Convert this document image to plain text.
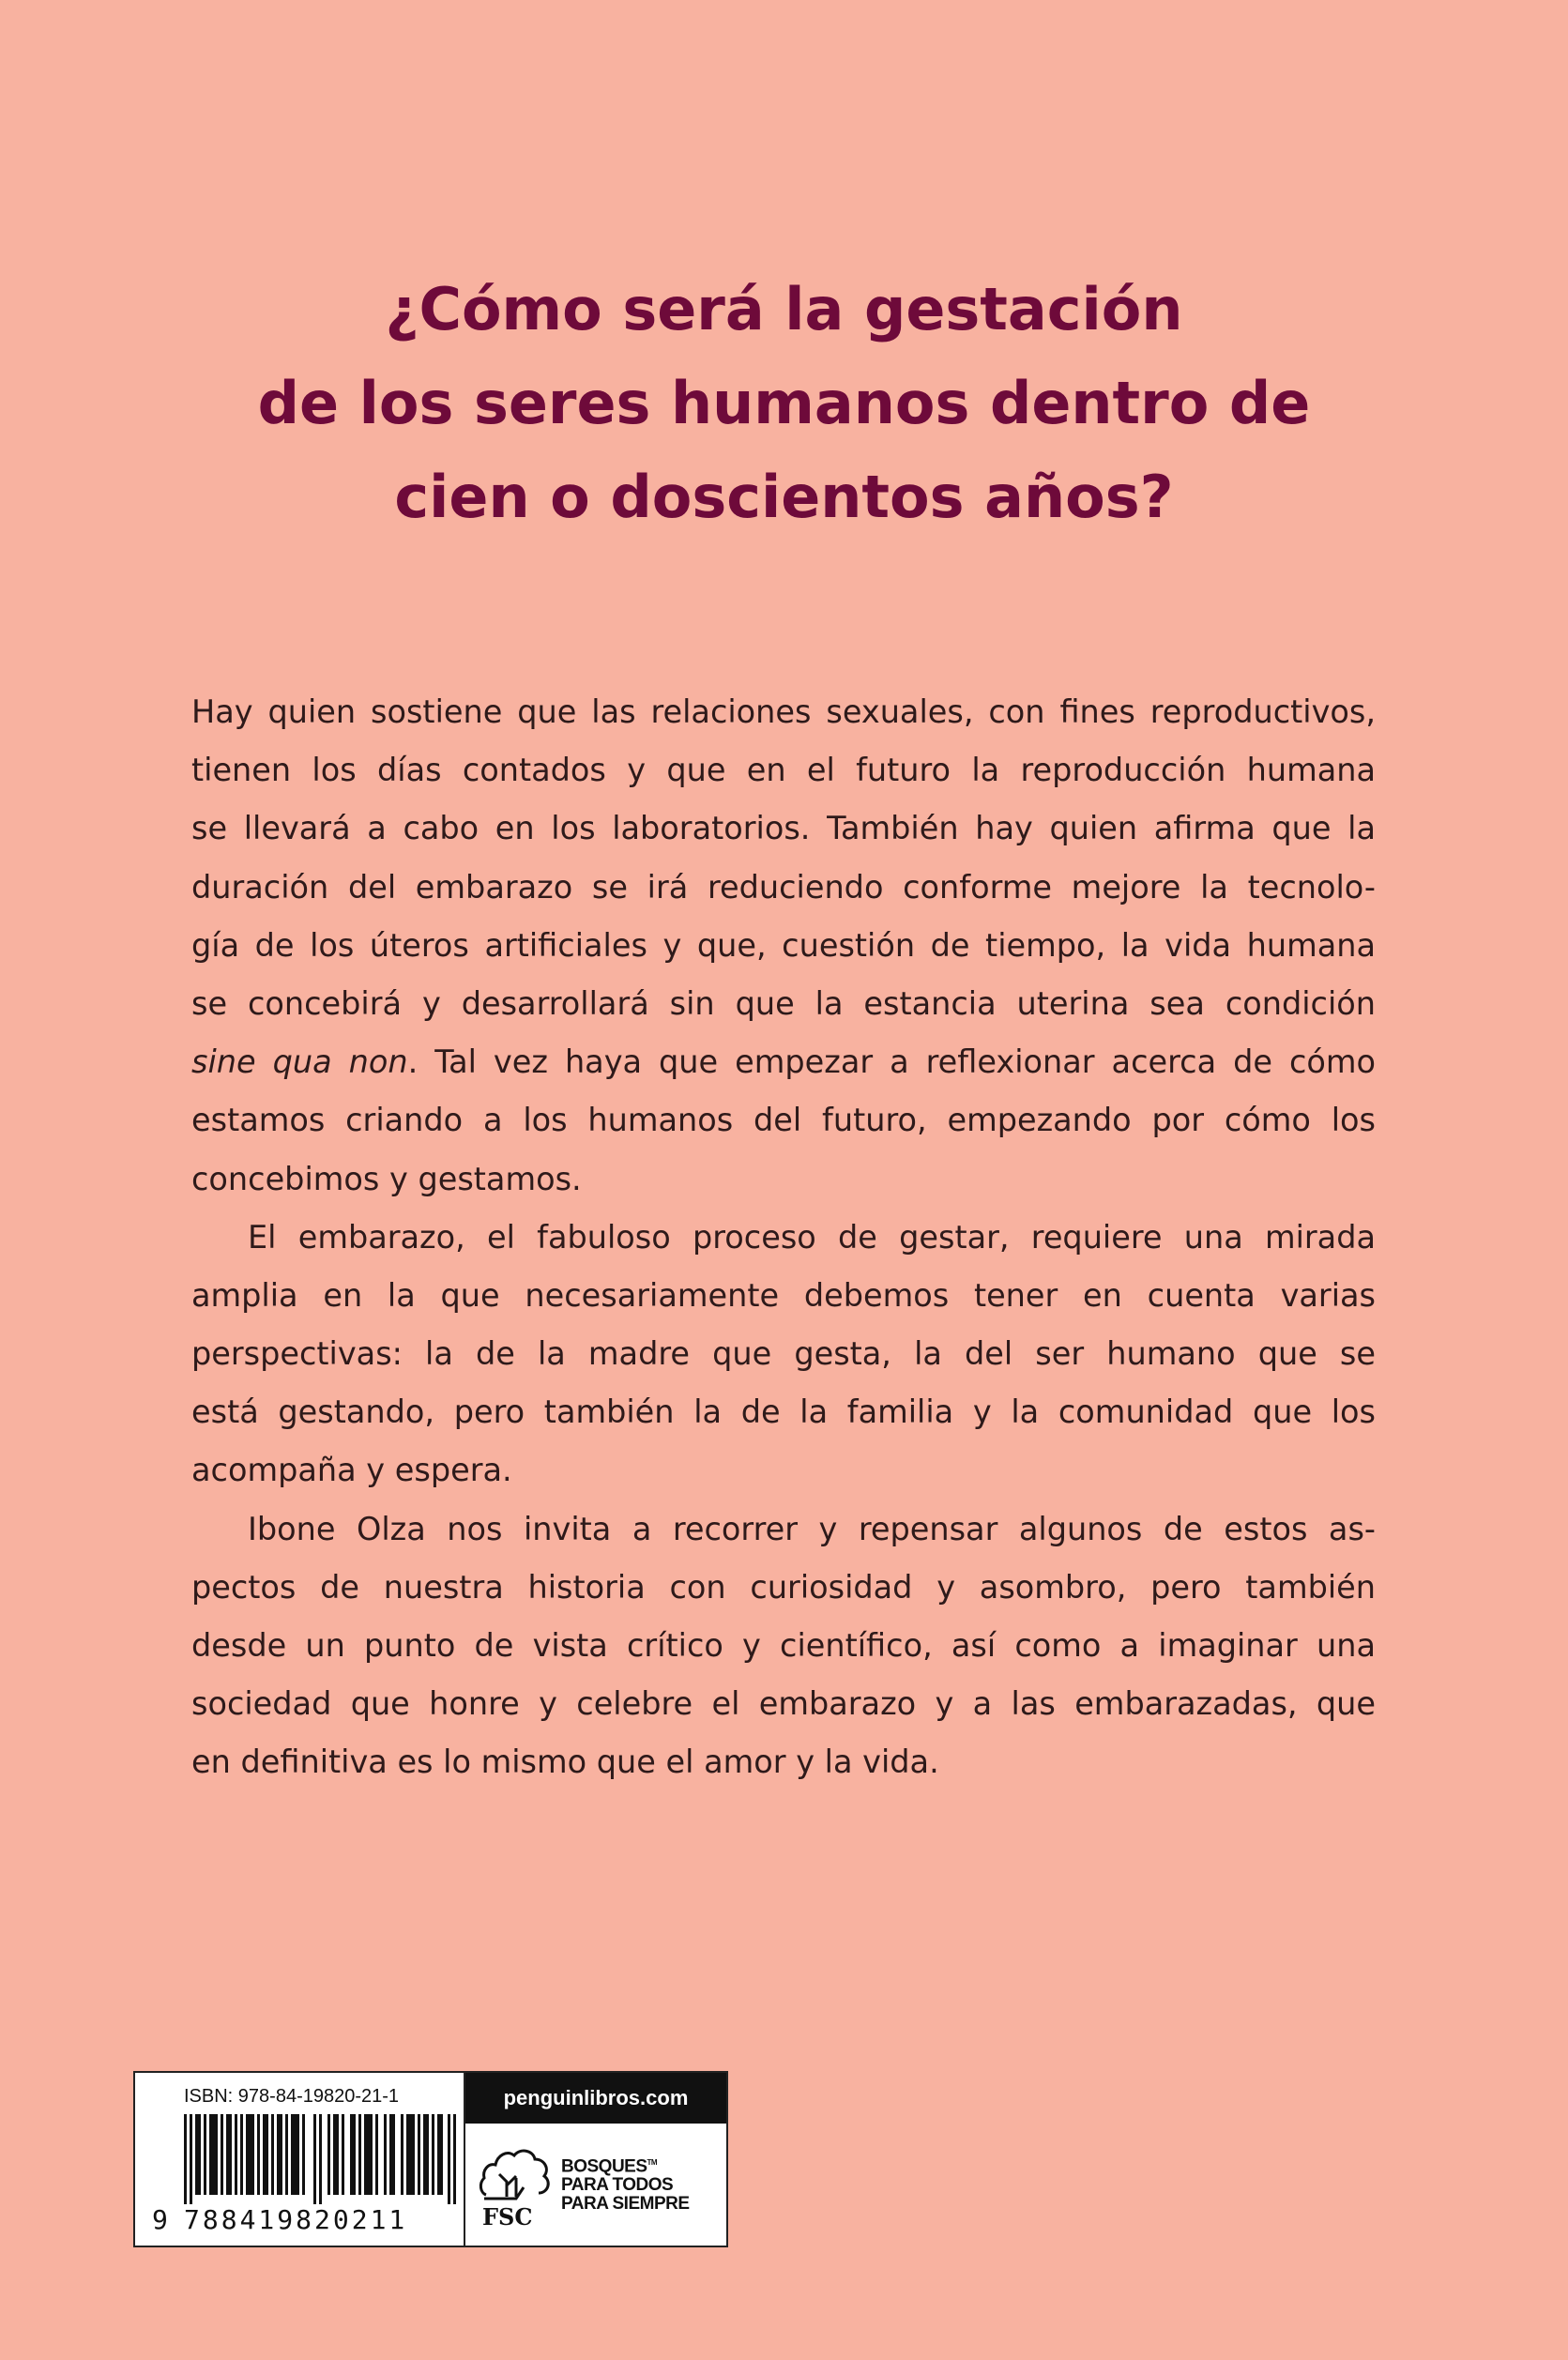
¿Cómo será la gestación
de los seres humanos dentro de
cien o doscientos años?
Hay quien sostiene que las relaciones sexuales, con fines reproductivos,
tienen los días contados y que en el futuro la reproducción humana
se llevará a cabo en los laboratorios. También hay quien afirma que la
duración del embarazo se irá reduciendo conforme mejore la tecnolo-
gía de los úteros artificiales y que, cuestión de tiempo, la vida humana
se concebirá y desarrollará sin que la estancia uterina sea condición
sine qua non. Tal vez haya que empezar a reflexionar acerca de cómo
estamos criando a los humanos del futuro, empezando por cómo los
concebimos y gestamos.
El embarazo, el fabuloso proceso de gestar, requiere una mirada
amplia en la que necesariamente debemos tener en cuenta varias
perspectivas: la de la madre que gesta, la del ser humano que se
está gestando, pero también la de la familia y la comunidad que los
acompaña y espera.
Ibone Olza nos invita a recorrer y repensar algunos de estos as-
pectos de nuestra historia con curiosidad y asombro, pero también
desde un punto de vista crítico y científico, así como a imaginar una
sociedad que honre y celebre el embarazo y a las embarazadas, que
en definitiva es lo mismo que el amor y la vida.
ISBN: 978-84-19820-21-1
9 788419820211
penguinlibros.com
FSC
BOSQUES™
PARA TODOS
PARA SIEMPRE
